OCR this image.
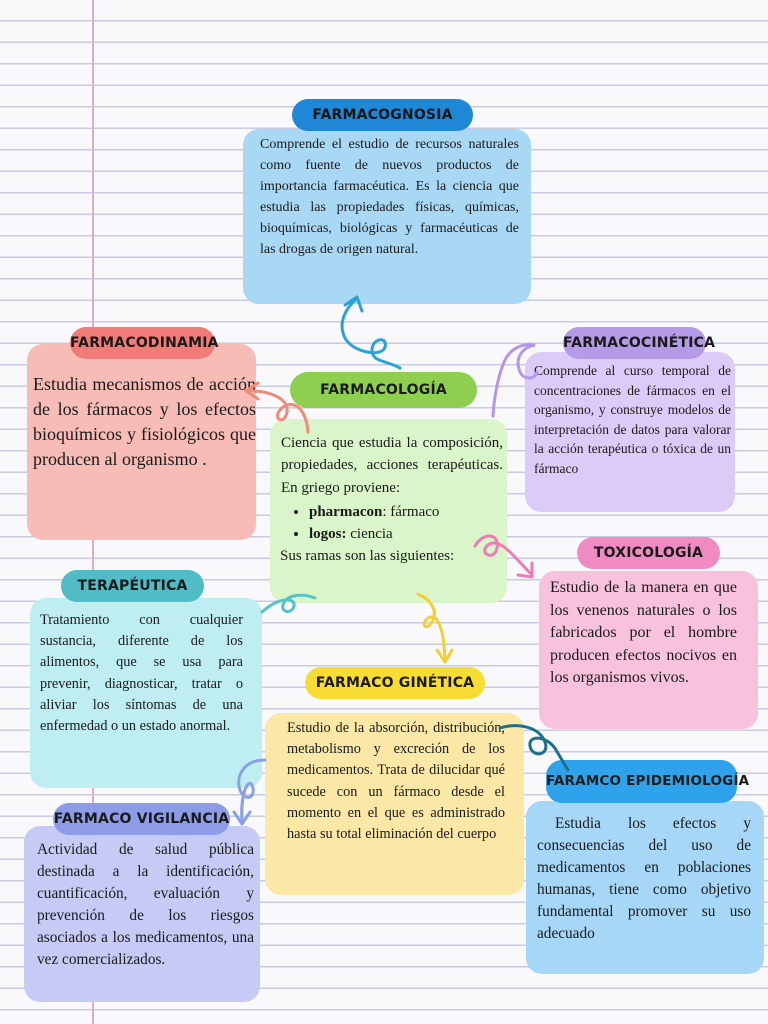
FARMACOGNOSIA

Comprende el estudio de recursos naturales como fuente de nuevos productos de importancia farmacéutica. Es la ciencia que estudia las propiedades físicas, químicas, bioquímicas, biológicas y farmacéuticas de las drogas de origen natural.

FARMACODINAMIA

Estudia mecanismos de acción de los fármacos y los efectos bioquímicos y fisiológicos que producen al organismo .

FARMACOLOGÍA

Ciencia que estudia la composición, propiedades, acciones terapéuticas. En griego proviene:

• pharmacon: fármaco
• logos: ciencia

Sus ramas son las siguientes:

FARMACOCINÉTICA

Comprende al curso temporal de concentraciones de fármacos en el organismo, y construye modelos de interpretación de datos para valorar la acción terapéutica o tóxica de un fármaco

TOXICOLOGÍA

Estudio de la manera en que los venenos naturales o los fabricados por el hombre producen efectos nocivos en los organismos vivos.

TERAPÉUTICA

Tratamiento con cualquier sustancia, diferente de los alimentos, que se usa para prevenir, diagnosticar, tratar o aliviar los síntomas de una enfermedad o un estado anormal.

FARMACO GINÉTICA

Estudio de la absorción, distribución, metabolismo y excreción de los medicamentos. Trata de dilucidar qué sucede con un fármaco desde el momento en el que es administrado hasta su total eliminación del cuerpo

FARMACO VIGILANCIA

Actividad de salud pública destinada a la identificación, cuantificación, evaluación y prevención de los riesgos asociados a los medicamentos, una vez comercializados.

FARAMCO EPIDEMIOLOGÍA

Estudia los efectos y consecuencias del uso de medicamentos en poblaciones humanas, tiene como objetivo fundamental promover su uso adecuado
